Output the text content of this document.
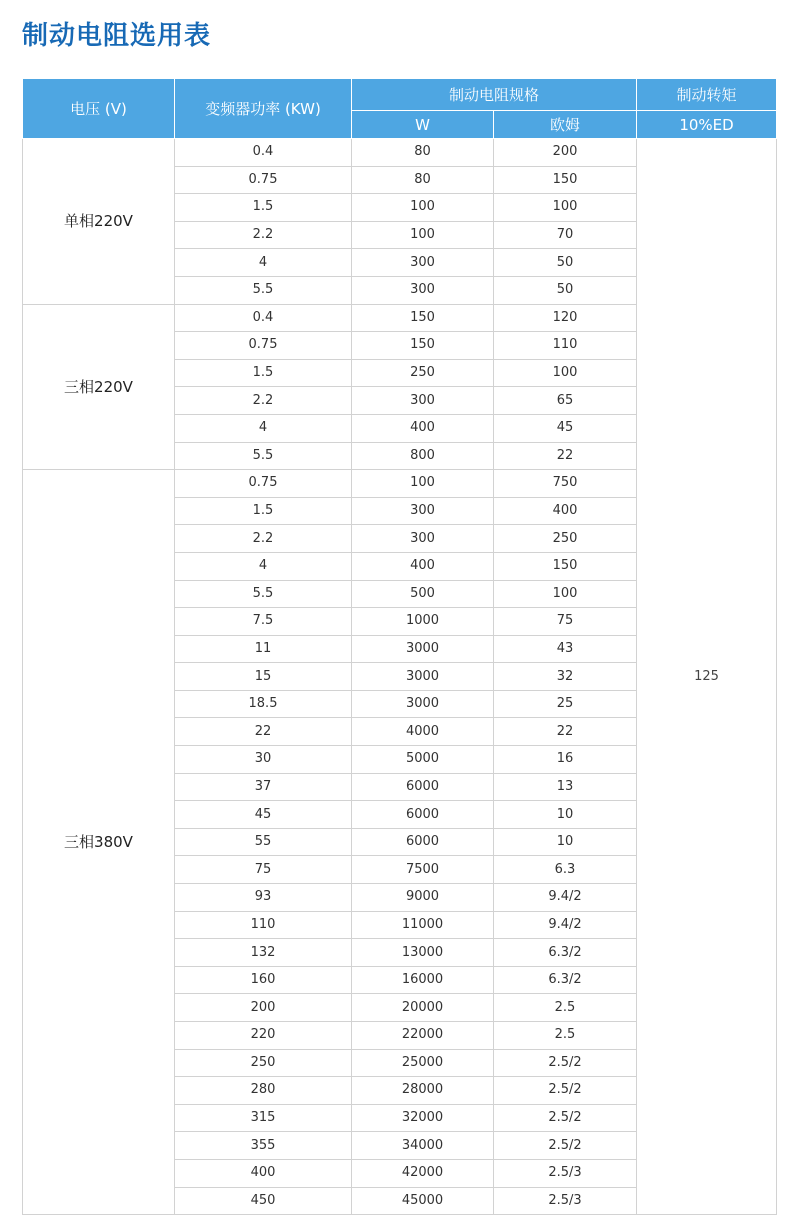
制动电阻选用表
电压 (V)	变频器功率 (KW)	制动电阻规格		制动转矩
		W	欧姆	10%ED
单相220V	0.4	80	200	125
	0.75	80	150	
	1.5	100	100	
	2.2	100	70	
	4	300	50	
	5.5	300	50	
三相220V	0.4	150	120	
	0.75	150	110	
	1.5	250	100	
	2.2	300	65	
	4	400	45	
	5.5	800	22	
三相380V	0.75	100	750	
	1.5	300	400	
	2.2	300	250	
	4	400	150	
	5.5	500	100	
	7.5	1000	75	
	11	3000	43	
	15	3000	32	
	18.5	3000	25	
	22	4000	22	
	30	5000	16	
	37	6000	13	
	45	6000	10	
	55	6000	10	
	75	7500	6.3	
	93	9000	9.4/2	
	110	11000	9.4/2	
	132	13000	6.3/2	
	160	16000	6.3/2	
	200	20000	2.5	
	220	22000	2.5	
	250	25000	2.5/2	
	280	28000	2.5/2	
	315	32000	2.5/2	
	355	34000	2.5/2	
	400	42000	2.5/3	
	450	45000	2.5/3	
